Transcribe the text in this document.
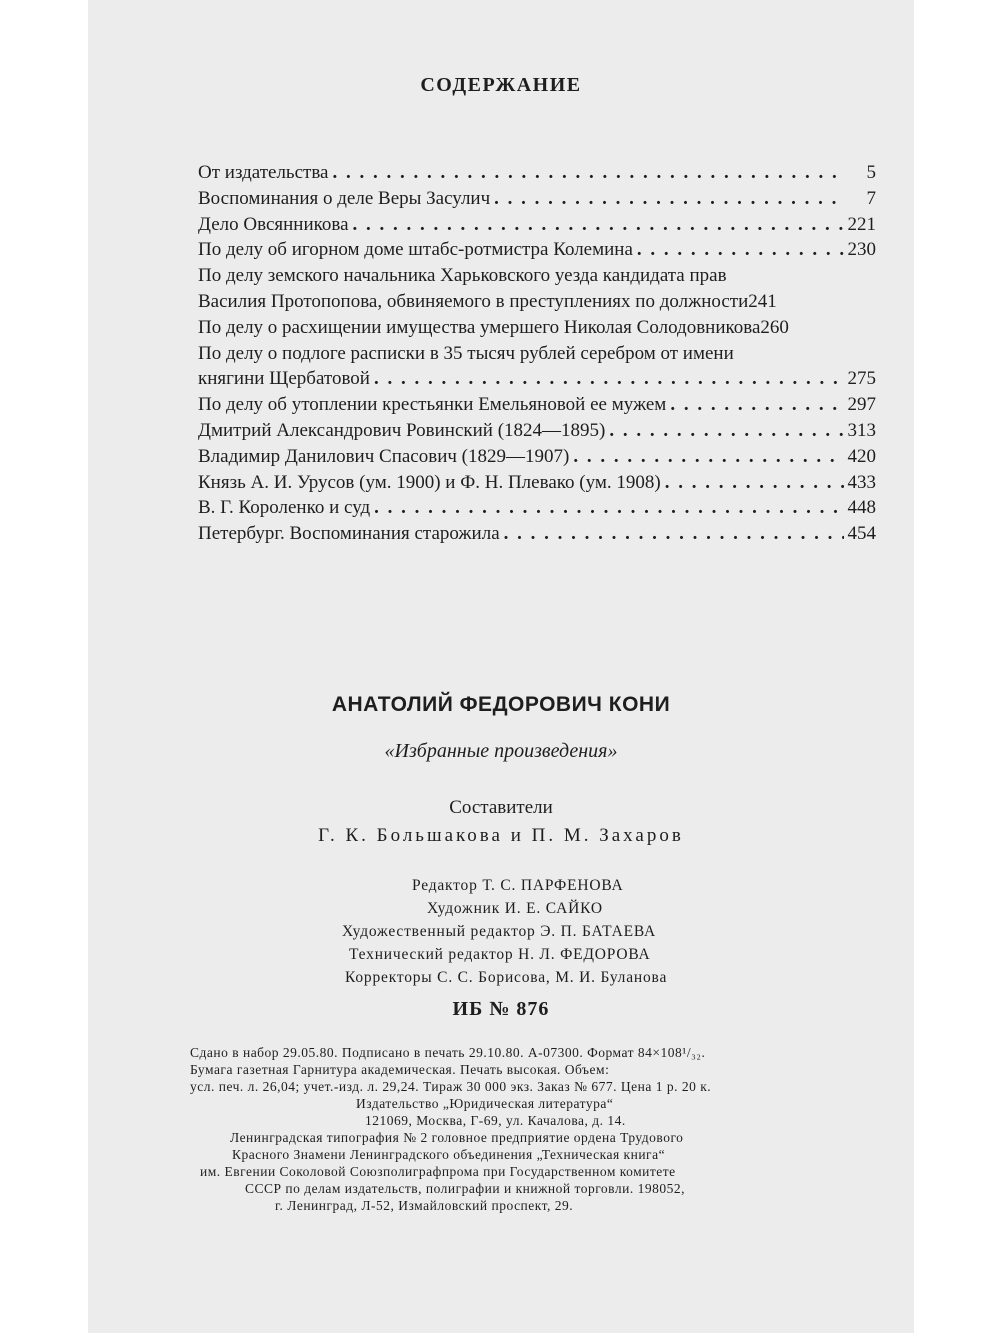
СОДЕРЖАНИЕ
От издательства . . .	5
Воспоминания о деле Веры Засулич . . .	7
Дело Овсянникова . . .	221
По делу об игорном доме штабс-ротмистра Колемина . . .	230
По делу земского начальника Харьковского уезда кандидата прав
Василия Протопопова, обвиняемого в преступлениях по должности 241
По делу о расхищении имущества умершего Николая Солодовникова 260
По делу о подлоге расписки в 35 тысяч рублей серебром от имени
княгини Щербатовой . . .	275
По делу об утоплении крестьянки Емельяновой ее мужем . . .	297
Дмитрий Александрович Ровинский (1824—1895) . . .	313
Владимир Данилович Спасович (1829—1907) . . .	420
Князь А. И. Урусов (ум. 1900) и Ф. Н. Плевако (ум. 1908) . . .	433
В. Г. Короленко и суд . . .	448
Петербург. Воспоминания старожила . . .	454
АНАТОЛИЙ ФЕДОРОВИЧ КОНИ
«Избранные произведения»
Составители
Г. К. Большакова и П. М. Захаров
Редактор Т. С. ПАРФЕНОВА
Художник И. Е. САЙКО
Художественный редактор Э. П. БАТАЕВА
Технический редактор Н. Л. ФЕДОРОВА
Корректоры С. С. Борисова, М. И. Буланова
ИБ № 876
Сдано в набор 29.05.80. Подписано в печать 29.10.80. А-07300. Формат 84×108¹/₃₂.
Бумага газетная Гарнитура академическая. Печать высокая. Объем:
усл. печ. л. 26,04; учет.-изд. л. 29,24. Тираж 30 000 экз. Заказ № 677. Цена 1 р. 20 к.
Издательство „Юридическая литература“
121069, Москва, Г-69, ул. Качалова, д. 14.
Ленинградская типография № 2 головное предприятие ордена Трудового
Красного Знамени Ленинградского объединения „Техническая книга“
им. Евгении Соколовой Союзполиграфпрома при Государственном комитете
СССР по делам издательств, полиграфии и книжной торговли. 198052,
г. Ленинград, Л-52, Измайловский проспект, 29.
